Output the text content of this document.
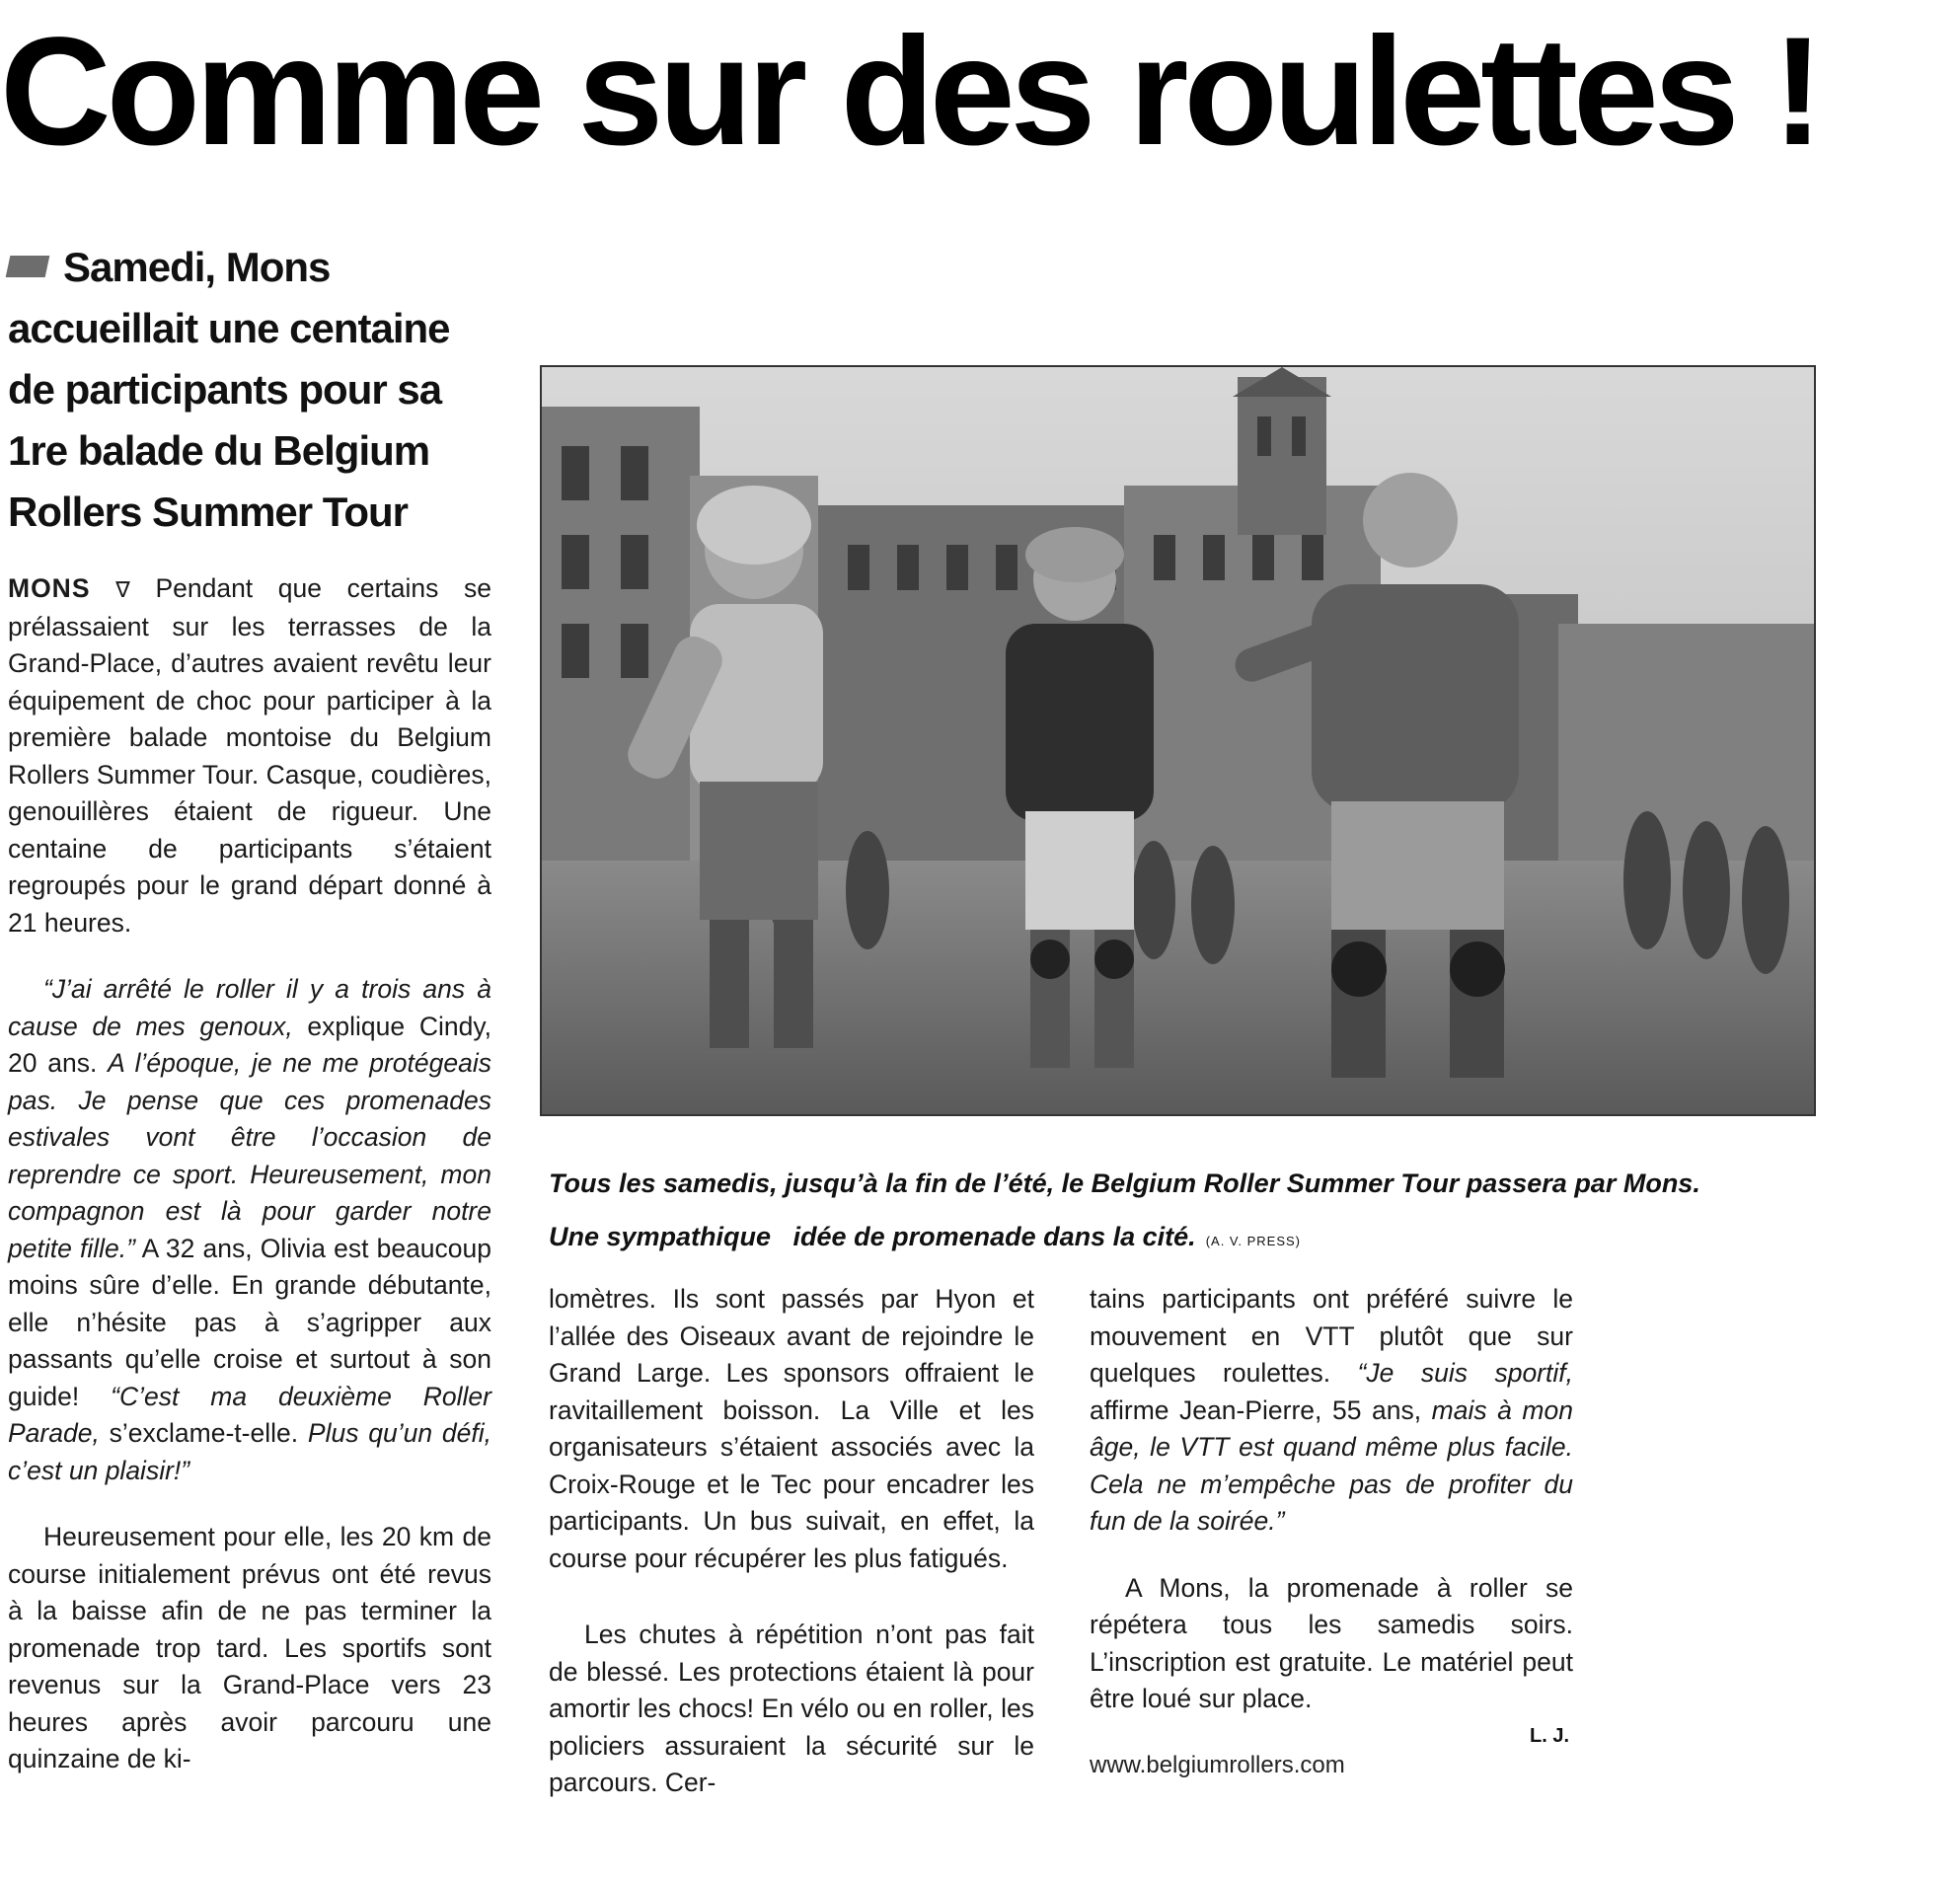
Comme sur des roulettes !
Samedi, Mons accueillait une centaine de participants pour sa 1re balade du Belgium Rollers Summer Tour

MONS ∇ Pendant que certains se prélassaient sur les terrasses de la Grand-Place, d’autres avaient revêtu leur équipement de choc pour participer à la première balade montoise du Belgium Rollers Summer Tour. Casque, coudières, genouillères étaient de rigueur. Une centaine de participants s’étaient regroupés pour le grand départ donné à 21 heures.

“J’ai arrêté le roller il y a trois ans à cause de mes genoux, explique Cindy, 20 ans. A l’époque, je ne me protégeais pas. Je pense que ces promenades estivales vont être l’occasion de reprendre ce sport. Heureusement, mon compagnon est là pour garder notre petite fille.” A 32 ans, Olivia est beaucoup moins sûre d’elle. En grande débutante, elle n’hésite pas à s’agripper aux passants qu’elle croise et surtout à son guide! “C’est ma deuxième Roller Parade, s’exclame-t-elle. Plus qu’un défi, c’est un plaisir!”

Heureusement pour elle, les 20 km de course initialement prévus ont été revus à la baisse afin de ne pas terminer la promenade trop tard. Les sportifs sont revenus sur la Grand-Place vers 23 heures après avoir parcouru une quinzaine de ki-

Tous les samedis, jusqu’à la fin de l’été, le Belgium Roller Summer Tour passera par Mons.
Une sympathique   idée de promenade dans la cité. (A. V. PRESS)

lomètres. Ils sont passés par Hyon et l’allée des Oiseaux avant de rejoindre le Grand Large. Les sponsors offraient le ravitaillement boisson. La Ville et les organisateurs s’étaient associés avec la Croix-Rouge et le Tec pour encadrer les participants. Un bus suivait, en effet, la course pour récupérer les plus fatigués.

Les chutes à répétition n’ont pas fait de blessé. Les protections étaient là pour amortir les chocs! En vélo ou en roller, les policiers assuraient la sécurité sur le parcours. Cer-

tains participants ont préféré suivre le mouvement en VTT plutôt que sur quelques roulettes. “Je suis sportif, affirme Jean-Pierre, 55 ans, mais à mon âge, le VTT est quand même plus facile. Cela ne m’empêche pas de profiter du fun de la soirée.”

A Mons, la promenade à roller se répétera tous les samedis soirs. L’inscription est gratuite. Le matériel peut être loué sur place.

L. J.
www.belgiumrollers.com
